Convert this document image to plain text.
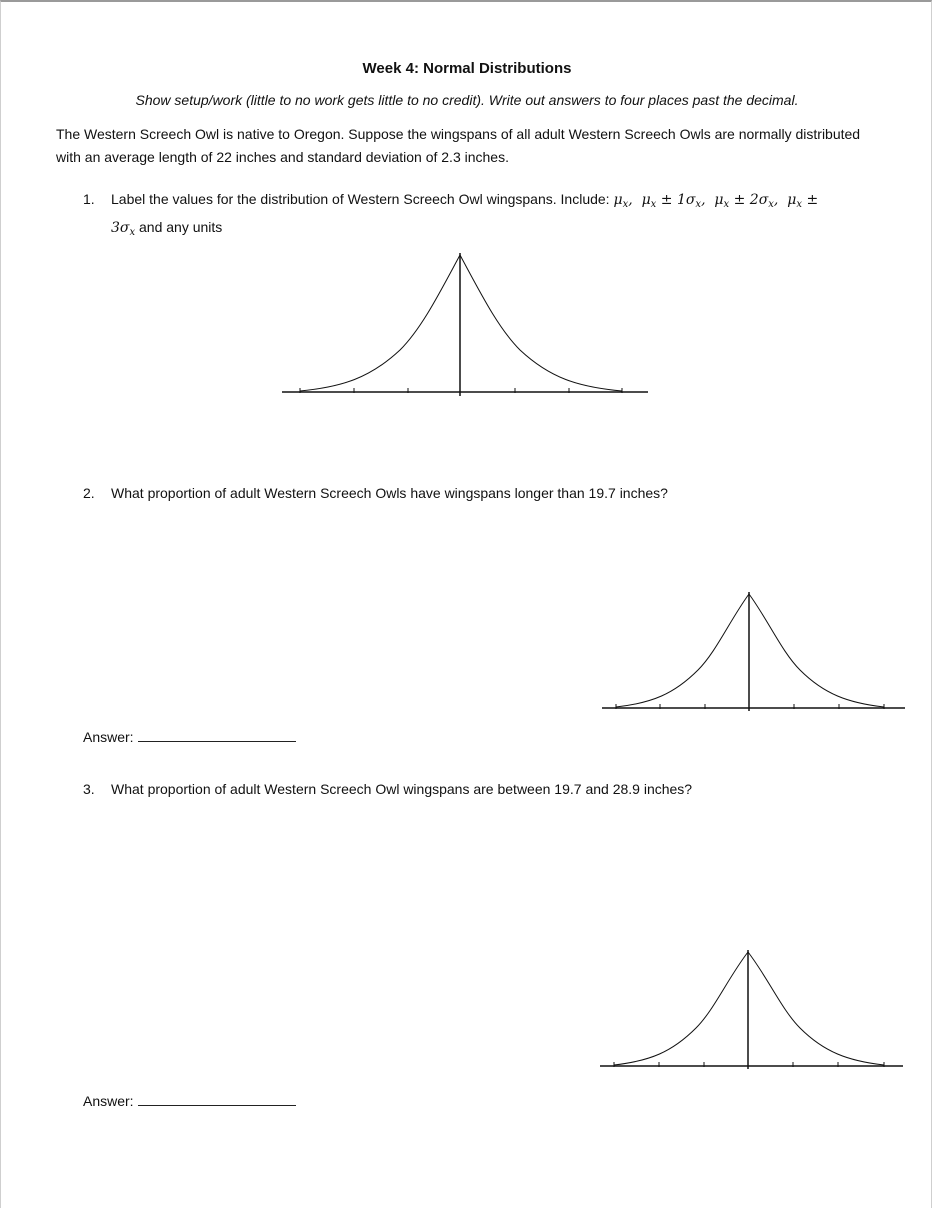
Week 4: Normal Distributions
Show setup/work (little to no work gets little to no credit). Write out answers to four places past the decimal.
The Western Screech Owl is native to Oregon. Suppose the wingspans of all adult Western Screech Owls are normally distributed with an average length of 22 inches and standard deviation of 2.3 inches.
1. Label the values for the distribution of Western Screech Owl wingspans. Include: $\mu_x$,  $\mu_x \pm 1\sigma_x$,  $\mu_x \pm 2\sigma_x$,  $\mu_x$ ±
$3\sigma_x$ and any units
2. What proportion of adult Western Screech Owls have wingspans longer than 19.7 inches?
Answer:
3. What proportion of adult Western Screech Owl wingspans are between 19.7 and 28.9 inches?
Answer:
